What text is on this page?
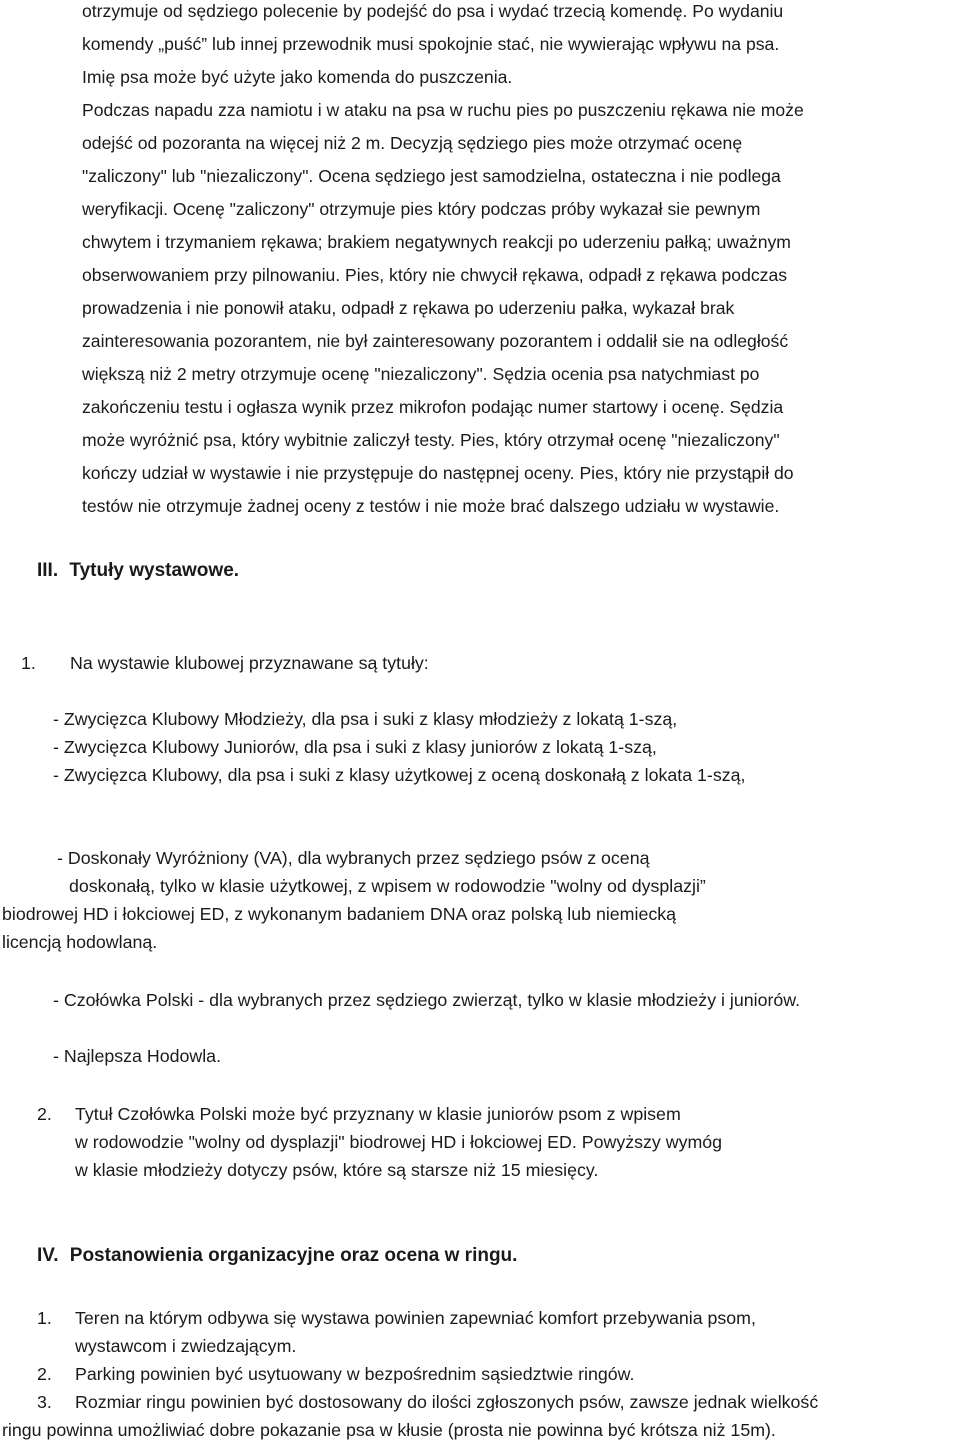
otrzymuje od sędziego polecenie by podejść do psa i wydać trzecią komendę. Po wydaniu
komendy „puść” lub innej przewodnik musi spokojnie stać, nie wywierając wpływu na psa.
Imię psa może być użyte jako komenda do puszczenia.
Podczas napadu zza namiotu i w ataku na psa w ruchu pies po puszczeniu rękawa nie może
odejść od pozoranta na więcej niż 2 m. Decyzją sędziego pies może otrzymać ocenę
"zaliczony" lub "niezaliczony". Ocena sędziego jest samodzielna, ostateczna i nie podlega
weryfikacji. Ocenę "zaliczony" otrzymuje pies który podczas próby wykazał sie pewnym
chwytem i trzymaniem rękawa; brakiem negatywnych reakcji po uderzeniu pałką; uważnym
obserwowaniem przy pilnowaniu. Pies, który nie chwycił rękawa, odpadł z rękawa podczas
prowadzenia i nie ponowił ataku, odpadł z rękawa po uderzeniu pałka, wykazał brak
zainteresowania pozorantem, nie był zainteresowany pozorantem i oddalił sie na odległość
większą niż 2 metry otrzymuje ocenę "niezaliczony". Sędzia ocenia psa natychmiast po
zakończeniu testu i ogłasza wynik przez mikrofon podając numer startowy i ocenę. Sędzia
może wyróżnić psa, który wybitnie zaliczył testy. Pies, który otrzymał ocenę "niezaliczony"
kończy udział w wystawie i nie przystępuje do następnej oceny. Pies, który nie przystąpił do
testów nie otrzymuje żadnej oceny z testów i nie może brać dalszego udziału w wystawie.
III. Tytuły wystawowe.
1. Na wystawie klubowej przyznawane są tytuły:
- Zwycięzca Klubowy Młodzieży, dla psa i suki z klasy młodzieży z lokatą 1-szą,
- Zwycięzca Klubowy Juniorów, dla psa i suki z klasy juniorów z lokatą 1-szą,
- Zwycięzca Klubowy, dla psa i suki z klasy użytkowej z oceną doskonałą z lokata 1-szą,
- Doskonały Wyróżniony (VA), dla wybranych przez sędziego psów z oceną
doskonałą, tylko w klasie użytkowej, z wpisem w rodowodzie "wolny od dysplazji”
biodrowej HD i łokciowej ED, z wykonanym badaniem DNA oraz polską lub niemiecką
licencją hodowlaną.
- Czołówka Polski - dla wybranych przez sędziego zwierząt, tylko w klasie młodzieży i juniorów.
- Najlepsza Hodowla.
2. Tytuł Czołówka Polski może być przyznany w klasie juniorów psom z wpisem
w rodowodzie "wolny od dysplazji" biodrowej HD i łokciowej ED. Powyższy wymóg
w klasie młodzieży dotyczy psów, które są starsze niż 15 miesięcy.
IV. Postanowienia organizacyjne oraz ocena w ringu.
1. Teren na którym odbywa się wystawa powinien zapewniać komfort przebywania psom,
wystawcom i zwiedzającym.
2. Parking powinien być usytuowany w bezpośrednim sąsiedztwie ringów.
3. Rozmiar ringu powinien być dostosowany do ilości zgłoszonych psów, zawsze jednak wielkość
ringu powinna umożliwiać dobre pokazanie psa w kłusie (prosta nie powinna być krótsza niż 15m).
